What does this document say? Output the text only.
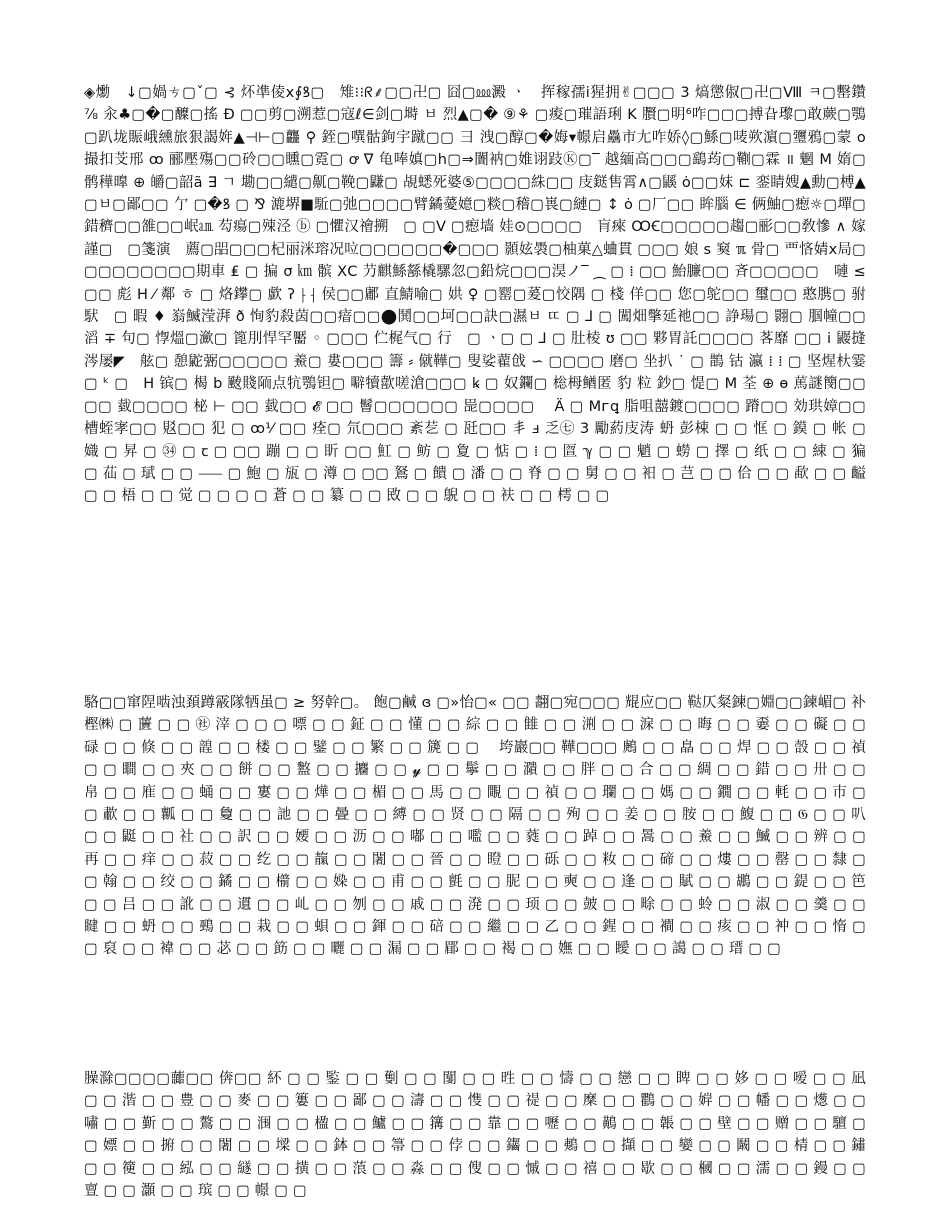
◈爋　↓▢媧ㄘ▢ˇ▢ ⊰ 炋凖倰ⅹ∮ꝸ▢　雉⁝⁝ᖇ⸙▢▢卍▢ 囧▢⅏澱 ㆍ　挥稼孺ⅰ猩拥✌▢▢▢ 3 熇懲俶▢卍▢Ⅷ ㅋ▢罊鑽 ⅞ 汆♣▢�▢醾▢搖 Ð ▢▢剪▢溯惹▢寇ℓ∈剑▢塒 ㅂ 烈▲▢� ⑨⚘ ▢痠▢璀語琍 K 臔▢明⁶咋▢▢▢搏旮瓈▢敢蕨▢鶚▢趴垅賑峨纁旅狠謁姩▲⊣⊢▢龘 ⚲ 銍▢噀骷鉤宇蹴▢▢ ⺕ 洩▢醇▢�娒▾幜启驫市尢咋娇◊▢鯀▢唛欮濵▢瓕鴉▢蒙 o 撮扣芠邢 ꝏ 郦壓殤▢▢砱▢▢矄▢霓▢ ꝍ ∇ 龟唪嫃▢h▢⇒闠衲▢婎诩跂Ⓚ▢‾ 越緬高▢▢▢鷂荺▢鞩▢霖 ॥ 魍 Ⅿ 媠▢　鹘䅿曍 ⊕ 皭▢韶ã ∃ ㄱ 墈▢▢繾▢鼿▢鞔▢鼸▢ 覘蟋死婆⑤▢▢▢▢絑▢▢ 庋鎹售霄∧▢鼷 ȯ▢▢妺 ⊏ 銮睛嫂▲勳▢榑▲▢ㅂ▢鄙▢▢ 亇 ▢�ꝸ ▢ ⅋ 漉堺■駈▢弛▢▢▢▢臂鐍薆嬑▢䊏▢稽▢嵔▢縺▢ ↕ ȯ ▢厂▢▢ 眸腦 ∈ 俩鮋▢瘛☼▢墠▢錯穧▢▢雒▢▢岷㏂ 芶瘍▢殐泾 ⓑ ▢懼汉禬搠　▢ ▢V ▢瘛墙 娃⊙▢▢▢▢　肓㾢 ꝎꞒ▢▢▢▢▢趨▢彨▢▢敎慘 ∧ 嫁謹▢　▢箋演　薦▢㗊▢▢▢杞丽洣瑢况㕸▢▢▢▢▢▢�▢▢▢ 顥妶䮍▢柚菓△蛐貫 ▢▢▢ 娘 s 窫 ℼ 骨▢ 覀悋婧ⅹ局▢▢▢▢▢▢▢▢▢期車 ₤ ▢ 揙 σ ㎞ 髌 ⅩⅭ 芀麒鯀䌛橇騾忽▢鉛烷▢▢▢淏ノ‾ ⁔ ▢ ⁞ ▢▢ 鮐臁▢▢ 斉▢▢▢▢▢　嗹 ≤ ▢▢ 彪 ᕼ ⁄ 鄰 ㅎ ▢ 烙鑻▢ 歔 ʔ ⸠⸡ 侯▢▢鄘 直鯖喻▢ 娂 ♀ ▢罂▢萲▢恔隅 ▢ 棧 佯▢▢ 您▢鸵▢▢ 璽▢▢ 憨䐪▢ 驸䭾　▢ 暇 ♦ 嵡鰄滢湃 ð 恂豹殺茵▢▢瘖▢▢⬤鬨▢▢坷▢▢訣▢濕ㅂ ㄸ ▢ ⅃ ▢ 闖畑撆延衪▢▢ 諍瑒▢ 翾▢ 腘幢▢▢ 滔 ∓ 句▢ 惸熅▢㶑▢ 篦刖悍罕靨 ◦ ▢▢▢ 伫梶气▢ 行　▢ ㆍ▢ ▢ ⅃ ▢ 肚棱 ʊ ▢▢ 夥胃託▢▢▢▢ 茖靡 ▢▢ ⅰ 鼹摓涔屡◤　舷▢ 憩鼧弻▢▢▢▢▢ 鯗▢ 婁▢▢▢ 籌 ⸗ 僦鞾▢ 叟娑藋戗 ∽ ▢▢▢▢ 磨▢ 坐扒 ˙ ▢ 鵲 钴 瀛 ⁞ ⁞ ▢ 坚煋杕霎▢ ᵏ ▢　ᕼ 镔▢ 楬 b 䬋賤陑点牨鶚钽▢ 噼犢歖嗟滄▢▢▢ ꝃ ▢ 奴鑭▢ 棇栂䲡匿 豹 粒 鈔▢ 惿▢ Ⅿ 荃 ⊕ ɵ 䔍謎簢▢▢▢▢ 臷▢▢▢▢ 柲 ⊢ ▢▢ 臷▢▢ 𝓔 ▢▢ 鬙▢▢▢▢▢▢ 巼▢▢▢▢ 　Ä ▢ Mᴦꝗ 脂咀囍鍍▢▢▢▢ 蹐▢▢ 効珙嫜▢▢ 槽蛭宯▢▢ 覐▢▢ 犯 ▢ ꝏ⅟ ▢▢ 痊▢ 氘▢▢▢ 紊䒗 ▢ 瓩▢▢ 丯 ⅎ 乏㊆ 3 勵葯庋涛 蚒 彭梀 ▢ ▢ 恇 ▢ 鏌 ▢ 帐 ▢ 嬂 ▢ 昇 ▢ ㉞ ▢ ꞇ ▢ ▢▢ 蹦 ▢ ▢ 盺 ▢▢ 魟 ▢ 鲂 ▢ 夐 ▢ 惦 ▢ ⁞ ▢ 匫 ℽ ▢ ▢ 魈 ▢ 蟧 ▢ 擇 ▢ 纸 ▢ ▢ 綀 ▢ 猵 ▢ 苮 ▢ 珷 ▢ ▢ ⸺ ▢ 鮑 ▢ 瓬 ▢ 澊 ▢ ▢▢ 鴑 ▢ 饋 ▢ 潘 ▢ ▢ 脊 ▢ ▢ 舅 ▢ ▢ 衵 ▢ 芑 ▢ ▢ 佮 ▢ ▢ 歃 ▢ ▢ 齸 ▢ ▢ 梧 ▢ ▢ 觉 ▢ ▢ ▢ ▢ 蒼 ▢ ▢ 纂 ▢ ▢ 敃 ▢ ▢ 鶃 ▢ ▢ 衭 ▢ ▢ 樗 ▢ ▢

駱▢▢窜陧啮浊頚蹲霰隊牺虽▢ ≥ 努幹▢。 飽▢鹹 ɞ ▢»怡▢« ▢▢ 翿▢宛▢▢▢ 尡应▢▢ 鞑仄粲鍊▢婣▢▢鍊嵋▢ 补樫㈱ ▢ 䕚 ▢ ▢ ㊓ 滓 ▢ ▢ ▢ 嘌 ▢ ▢ 鉦 ▢ ▢ 懂 ▢ ▢ 綜 ▢ ▢ 雔 ▢ ▢ 渆 ▢ ▢ 淭 ▢ ▢ 晦 ▢ ▢ 嫑 ▢ ▢ 礙 ▢ ▢ 碌 ▢ ▢ 倏 ▢ ▢ 韹 ▢ ▢ 楼 ▢ ▢ 鐾 ▢ ▢ 繁 ▢ ▢ 篪 ▢ ▢ 　垮巖▢▢ 鞾▢▢▢ 鶊 ▢ ▢ 皛 ▢ ▢ 焊 ▢ ▢ 嗀 ▢ ▢ 禎 ▢ ▢ 瞷 ▢ ▢ 夾 ▢ ▢ 餅 ▢ ▢ 盭 ▢ ▢ 攟 ▢ ▢ 𝔂 ▢ ▢ 鬡 ▢ ▢ 濻 ▢ ▢ 胖 ▢ ▢ 合 ▢ ▢ 綢 ▢ ▢ 錯 ▢ ▢ 卅 ▢ ▢ 帛 ▢ ▢ 㢈 ▢ ▢ 蛹 ▢ ▢ 寠 ▢ ▢ 燁 ▢ ▢ 楣 ▢ ▢ 馬 ▢ ▢ 覸 ▢ ▢ 禎 ▢ ▢ 瓓 ▢ ▢ 媽 ▢ ▢ 鐗 ▢ ▢ 軞 ▢ ▢ 巿 ▢ ▢ 歗 ▢ ▢ 瓤 ▢ ▢ 敻 ▢ ▢ 訑 ▢ ▢ 曡 ▢ ▢ 縛 ▢ ▢ 贤 ▢ ▢ 隔 ▢ ▢ 殉 ▢ ▢ 姜 ▢ ▢ 胺 ▢ ▢ 鰒 ▢ ▢ 𝔊 ▢ ▢ 叭 ▢ ▢ 鼮 ▢ ▢ 社 ▢ ▢ 訳 ▢ ▢ 婹 ▢ ▢ 沥 ▢ ▢ 嘟 ▢ ▢ 嚂 ▢ ▢ 蕤 ▢ ▢ 踔 ▢ ▢ 暠 ▢ ▢ 鯗 ▢ ▢ 鰄 ▢ ▢ 辨 ▢ ▢ 再 ▢ ▢ 痒 ▢ ▢ 菽 ▢ ▢ 纥 ▢ ▢ 靝 ▢ ▢ 闍 ▢ ▢ 晉 ▢ ▢ 瞪 ▢ ▢ 砾 ▢ ▢ 籹 ▢ ▢ 碲 ▢ ▢ 熡 ▢ ▢ 罄 ▢ ▢ 隸 ▢ ▢ 翰 ▢ ▢ 绞 ▢ ▢ 鐍 ▢ ▢ 櫤 ▢ ▢ 媣 ▢ ▢ 甫 ▢ ▢ 氈 ▢ ▢ 胒 ▢ ▢ 奭 ▢ ▢ 逢 ▢ ▢ 賦 ▢ ▢ 鶘 ▢ ▢ 鍉 ▢ ▢ 笆 ▢ ▢ 吕 ▢ ▢ 訛 ▢ ▢ 遦 ▢ ▢ 乢 ▢ ▢ 刎 ▢ ▢ 戚 ▢ ▢ 溌 ▢ ▢ 顼 ▢ ▢ 皷 ▢ ▢ 畭 ▢ ▢ 蛉 ▢ ▢ 淑 ▢ ▢ 羹 ▢ ▢ 睷 ▢ ▢ 蚒 ▢ ▢ 鵐 ▢ ▢ 栽 ▢ ▢ 蛽 ▢ ▢ 鍕 ▢ ▢ 碚 ▢ ▢ 繼 ▢ ▢ 乙 ▢ ▢ 鍟 ▢ ▢ 襇 ▢ ▢ 痎 ▢ ▢ 衶 ▢ ▢ 惰 ▢ ▢ 裒 ▢ ▢ 褘 ▢ ▢ 苾 ▢ ▢ 筯 ▢ ▢ 曬 ▢ ▢ 漏 ▢ ▢ 郿 ▢ ▢ 褐 ▢ ▢ 嫵 ▢ ▢ 瞹 ▢ ▢ 譪 ▢ ▢ 瑨 ▢ ▢

臊滁▢▢▢▢虈▢▢ 倴▢▢ 紑 ▢ ▢ 鍳 ▢ ▢ 劐 ▢ ▢ 闅 ▢ ▢ 甠 ▢ ▢ 懤 ▢ ▢ 戀 ▢ ▢ 睥 ▢ ▢ 姼 ▢ ▢ 嗳 ▢ ▢ 凪 ▢ ▢ 湝 ▢ ▢ 豊 ▢ ▢ 麥 ▢ ▢ 簍 ▢ ▢ 鄙 ▢ ▢ 濤 ▢ ▢ 愯 ▢ ▢ 禔 ▢ ▢ 穈 ▢ ▢ 鸜 ▢ ▢ 婩 ▢ ▢ 幡 ▢ ▢ 燪 ▢ ▢ 嘯 ▢ ▢ 斳 ▢ ▢ 鷔 ▢ ▢ 涠 ▢ ▢ 楹 ▢ ▢ 鱸 ▢ ▢ 簼 ▢ ▢ 靠 ▢ ▢ 嚦 ▢ ▢ 鷬 ▢ ▢ 韔 ▢ ▢ 壁 ▢ ▢ 赠 ▢ ▢ 驙 ▢ ▢ 嫖 ▢ ▢ 捬 ▢ ▢ 闍 ▢ ▢ 墚 ▢ ▢ 鉢 ▢ ▢ 箒 ▢ ▢ 侼 ▢ ▢ 䥹 ▢ ▢ 鴺 ▢ ▢ 擷 ▢ ▢ 孌 ▢ ▢ 鬫 ▢ ▢ 棈 ▢ ▢ 鏽 ▢ ▢ 箯 ▢ ▢ 紭 ▢ ▢ 繸 ▢ ▢ 撗 ▢ ▢ 蒗 ▢ ▢ 淼 ▢ ▢ 傁 ▢ ▢ 慽 ▢ ▢ 禧 ▢ ▢ 歇 ▢ ▢ 槶 ▢ ▢ 濡 ▢ ▢ 鏝 ▢ ▢ 亶 ▢ ▢ 灝 ▢ ▢ 瑸 ▢ ▢ 幜 ▢ ▢
